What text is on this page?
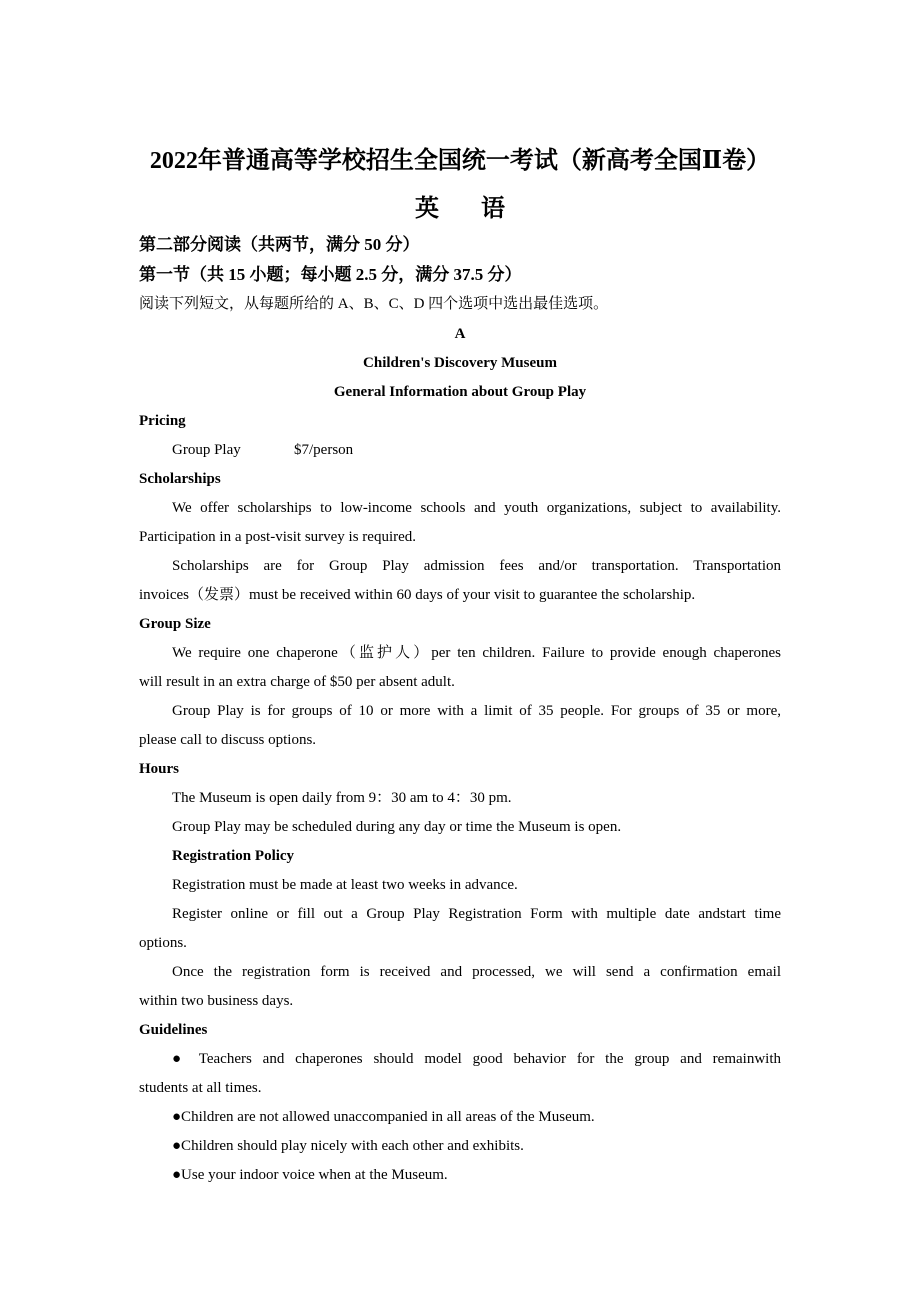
2022年普通高等学校招生全国统一考试（新高考全国Ⅱ卷）
英 语
第二部分阅读（共两节，满分 50 分）
第一节（共 15 小题；每小题 2.5 分，满分 37.5 分）
阅读下列短文，从每题所给的 A、B、C、D 四个选项中选出最佳选项。
A
Children's Discovery Museum
General Information about Group Play
Pricing
Group Play	$7/person
Scholarships
We offer scholarships to low-income schools and youth organizations, subject to availability.
Participation in a post-visit survey is required.
Scholarships are for Group Play admission fees and/or transportation. Transportation
invoices（发票）must be received within 60 days of your visit to guarantee the scholarship.
Group Size
We require one chaperone（监护人）per ten children. Failure to provide enough chaperones
will result in an extra charge of $50 per absent adult.
Group Play is for groups of 10 or more with a limit of 35 people. For groups of 35 or more,
please call to discuss options.
Hours
The Museum is open daily from 9：30 am to 4：30 pm.
Group Play may be scheduled during any day or time the Museum is open.
Registration Policy
Registration must be made at least two weeks in advance.
Register online or fill out a Group Play Registration Form with multiple date andstart time
options.
Once the registration form is received and processed, we will send a confirmation email
within two business days.
Guidelines
● Teachers and chaperones should model good behavior for the group and remainwith
students at all times.
●Children are not allowed unaccompanied in all areas of the Museum.
●Children should play nicely with each other and exhibits.
●Use your indoor voice when at the Museum.
